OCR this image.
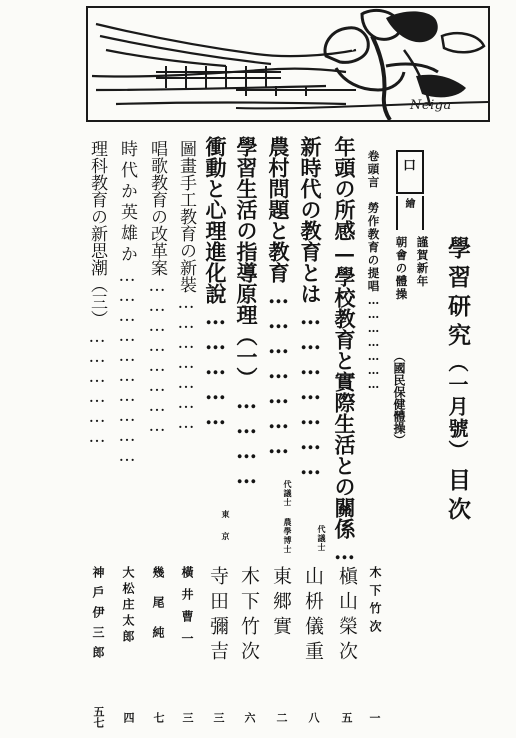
Neiga
學習研究（一月號）目次
口
繪
謹賀新年
朝會の體操
（國民保健體操）
卷頭言　勞作教育の提唱…………………
木下竹次
一
年頭の所感—學校教育と實際生活との關係…
槇山榮次
五
新時代の教育とは…………………
代議士
山枡儀重
八
農村問題と教育…………………
代議士 農學博士
東郷實
二
學習生活の指導原理（一）…………
木下竹次
六
衝動と心理進化說……………
東京
寺田彌吉
三
圖畫手工教育の新裝…………………
橫井曹一
三
唱歌教育の改革案……………………
幾尾純
七
時代か英雄か…………………………
大松庄太郎
四
理科教育の新思潮（三）………………
神戶伊三郎
五七
